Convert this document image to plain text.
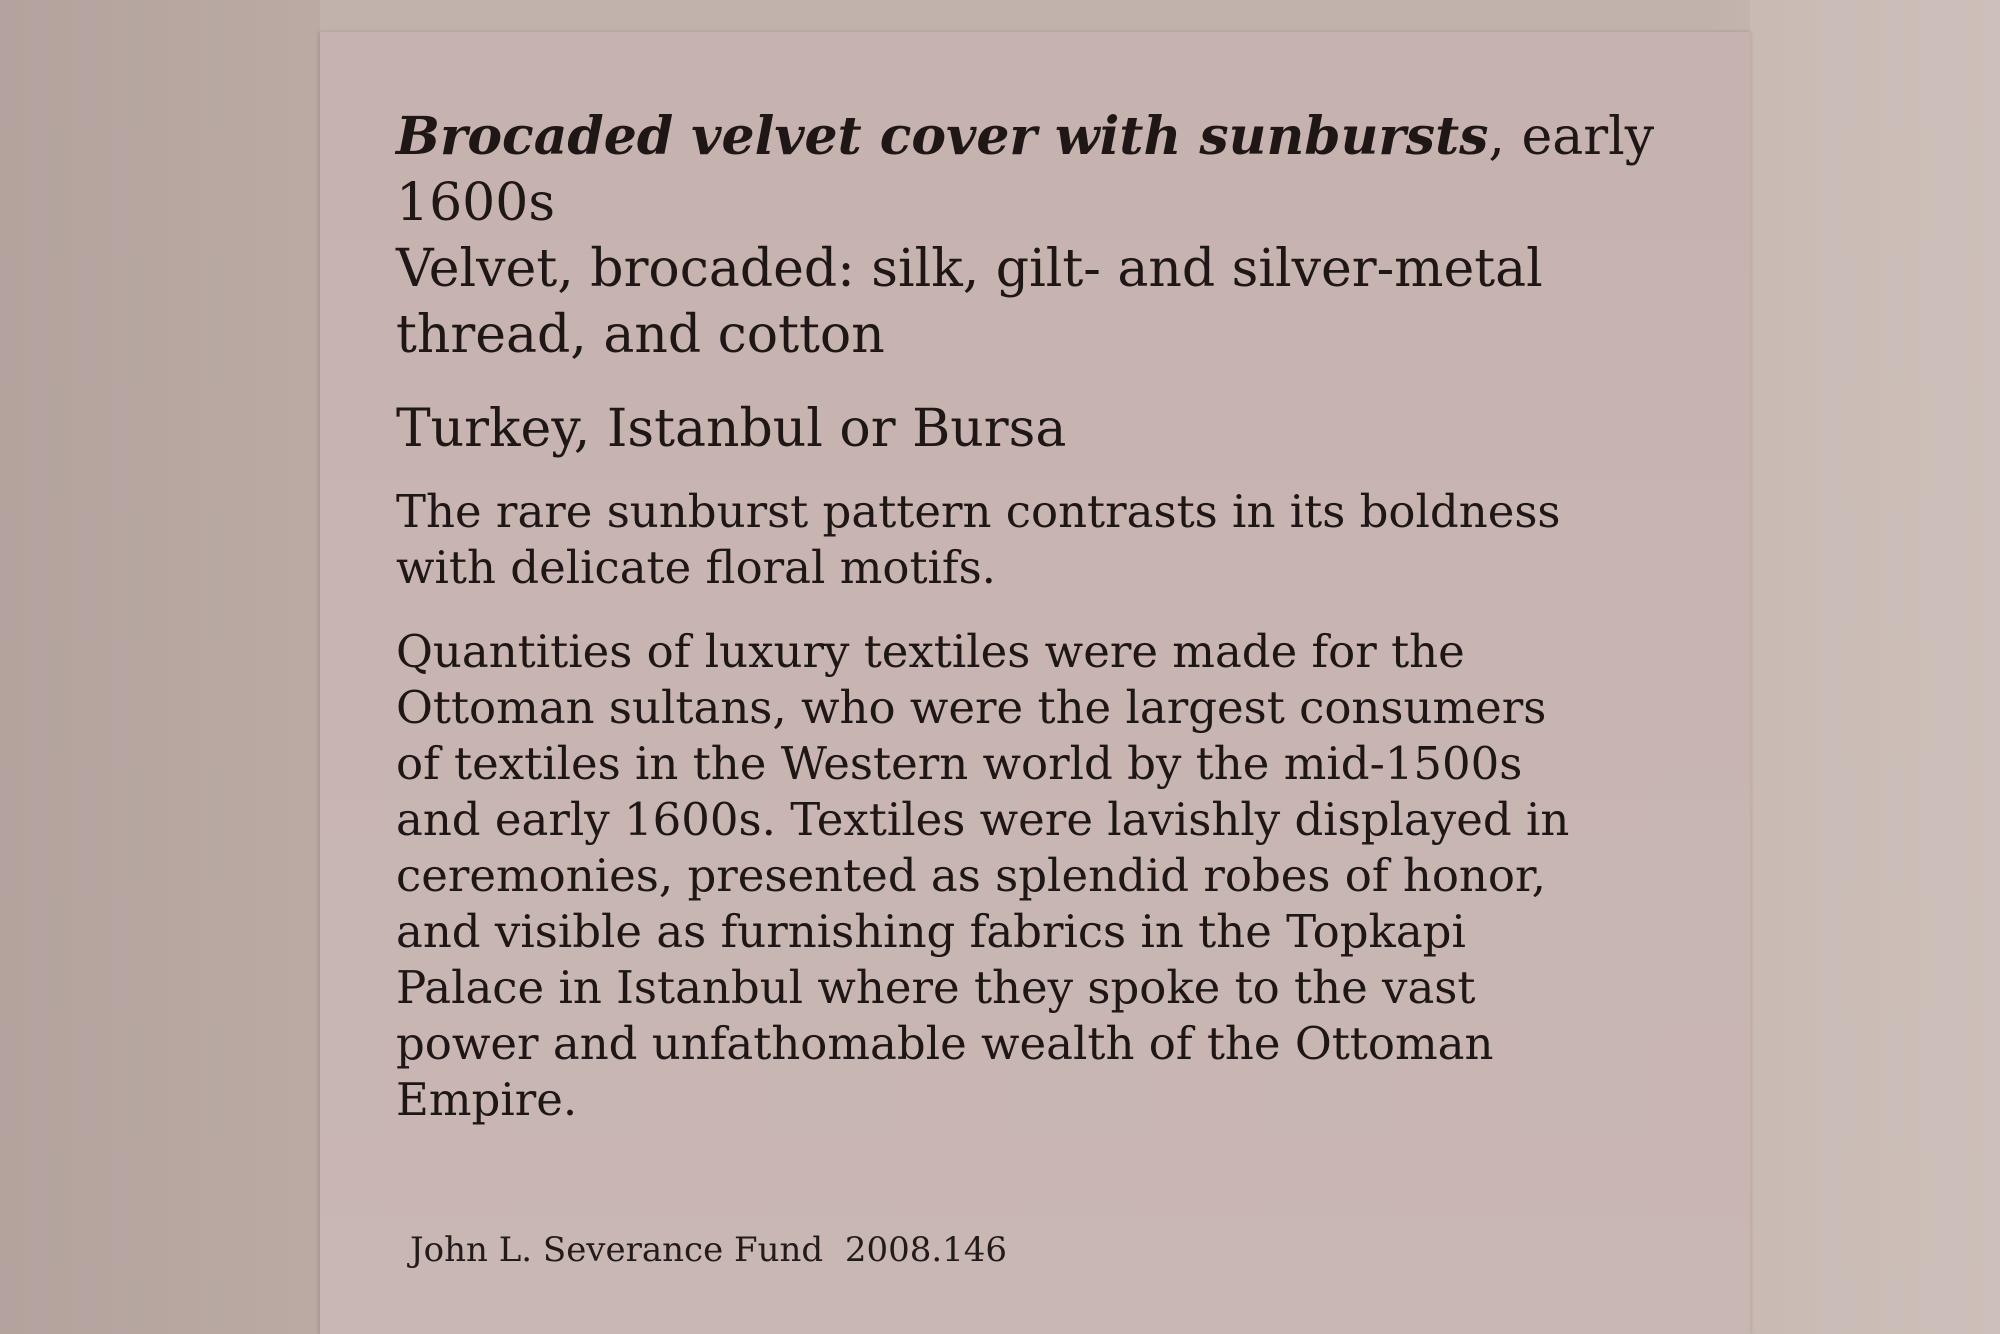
Brocaded velvet cover with sunbursts, early 1600s

Velvet, brocaded: silk, gilt- and silver-metal
thread, and cotton

Turkey, Istanbul or Bursa

The rare sunburst pattern contrasts in its boldness
with delicate floral motifs.

Quantities of luxury textiles were made for the
Ottoman sultans, who were the largest consumers
of textiles in the Western world by the mid-1500s
and early 1600s. Textiles were lavishly displayed in
ceremonies, presented as splendid robes of honor,
and visible as furnishing fabrics in the Topkapi
Palace in Istanbul where they spoke to the vast
power and unfathomable wealth of the Ottoman
Empire.

John L. Severance Fund 2008.146
